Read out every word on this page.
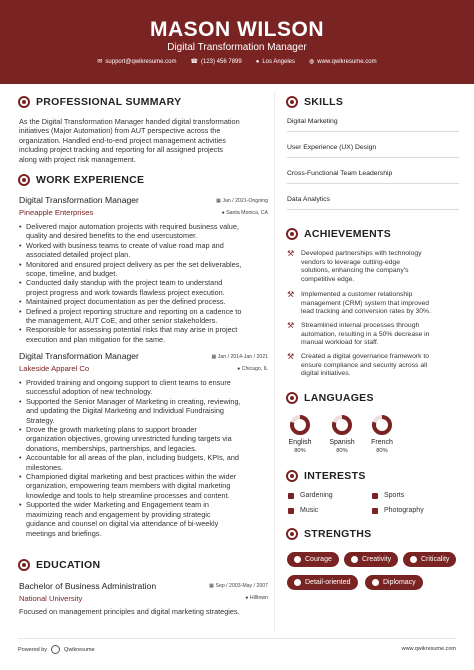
MASON WILSON
Digital Transformation Manager
✉ support@qwikresume.com ☎ (123) 456 7899 ● Los Angeles ◍ www.qwikresume.com
PROFESSIONAL SUMMARY
As the Digital Transformation Manager handed digital transformation
initiatives (Major Automation) from AUT perspective across the
organization. Handled end-to-end project management activities
including project tracking and reporting for all assigned projects
along with project risk management.
WORK EXPERIENCE
Digital Transformation Manager	▦ Jan / 2021-Ongoing
Pineapple Enterprises	● Santa Monica, CA
• Delivered major automation projects with required business value,
quality and desired benefits to the end usercustomer.
• Worked with business teams to create of value road map and
associated detailed project plan.
• Monitored and ensured project delivery as per the set deliverables,
scope, timeline, and budget.
• Conducted daily standup with the project team to understand
project progress and work towards flawless project execution.
• Maintained project documentation as per the defined process.
• Defined a project reporting structure and reporting on a cadence to
the management, AUT CoE, and other senior stakeholders.
• Responsible for assessing potential risks that may arise in project
execution and plan mitigation for the same.
Digital Transformation Manager	▦ Jan / 2014-Jan / 2021
Lakeside Apparel Co	● Chicago, IL
• Provided training and ongoing support to client teams to ensure
successful adoption of new technology.
• Supported the Senior Manager of Marketing in creating, reviewing,
and updating the Digital Marketing and Individual Fundraising
Strategy.
• Drove the growth marketing plans to support broader
organization objectives, growing unrestricted funding targets via
donations, memberships, partnerships, and legacies.
• Accountable for all areas of the plan, including budgets, KPIs, and
milestones.
• Championed digital marketing and best practices within the wider
organization, empowering team members with digital marketing
knowledge and tools to help streamline processes and content.
• Supported the wider Marketing and Engagement team in
maximizing reach and engagement by providing strategic
guidance and counsel on digital via attendance of bi-weekly
meetings and briefings.
EDUCATION
Bachelor of Business Administration	▦ Sep / 2003-May / 2007
National University	● Hilltown
Focused on management principles and digital marketing strategies.
SKILLS
Digital Marketing
User Experience (UX) Design
Cross-Functional Team Leadership
Data Analytics
ACHIEVEMENTS
⚒ Developed partnerships with technology
vendors to leverage cutting-edge
solutions, enhancing the company's
competitive edge.
⚒ Implemented a customer relationship
management (CRM) system that improved
lead tracking and conversion rates by 30%.
⚒ Streamlined internal processes through
automation, resulting in a 50% decrease in
manual workload for staff.
⚒ Created a digital governance framework to
ensure compliance and security across all
digital initiatives.
LANGUAGES
English
80%
Spanish
80%
French
80%
INTERESTS
Gardening	Sports
Music	Photography
STRENGTHS
Courage	Creativity	Criticality
Detail-oriented	Diplomacy
Powered by	Qwikresume	www.qwikresume.com
